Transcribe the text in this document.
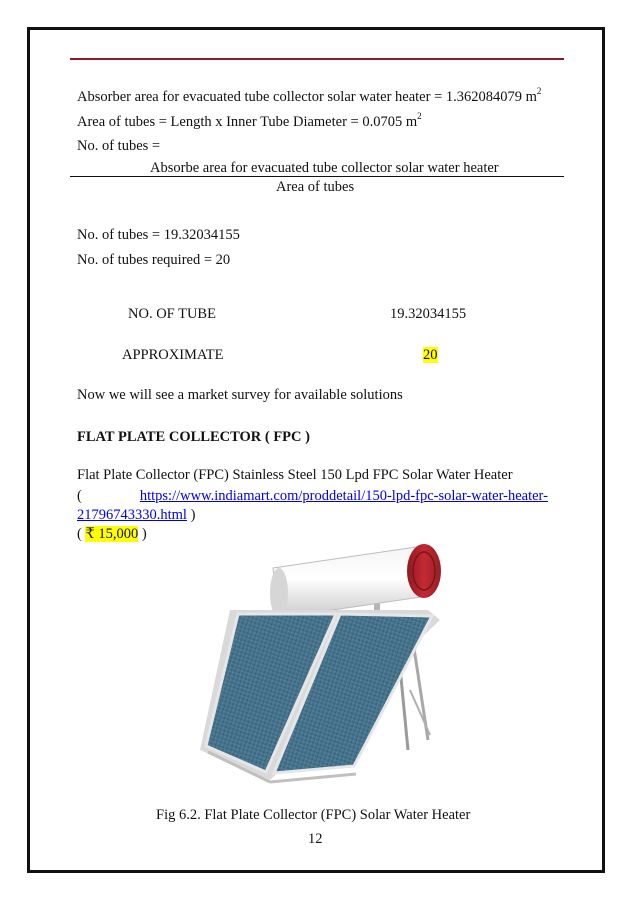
Absorber area for evacuated tube collector solar water heater = 1.362084079 $m^2$
Area of tubes = Length x Inner Tube Diameter = 0.0705 $m^2$
No. of tubes =
Absorbe area for evacuated tube collector solar water heater
Area of tubes
No. of tubes = 19.32034155
No. of tubes required = 20
NO. OF TUBE	19.32034155
APPROXIMATE	20
Now we will see a market survey for available solutions
FLAT PLATE COLLECTOR ( FPC )
Flat Plate Collector (FPC) Stainless Steel 150 Lpd FPC Solar Water Heater
(	https://www.indiamart.com/proddetail/150-lpd-fpc-solar-water-heater-
21796743330.html )
( ₹ 15,000 )
Fig 6.2. Flat Plate Collector (FPC) Solar Water Heater
12
